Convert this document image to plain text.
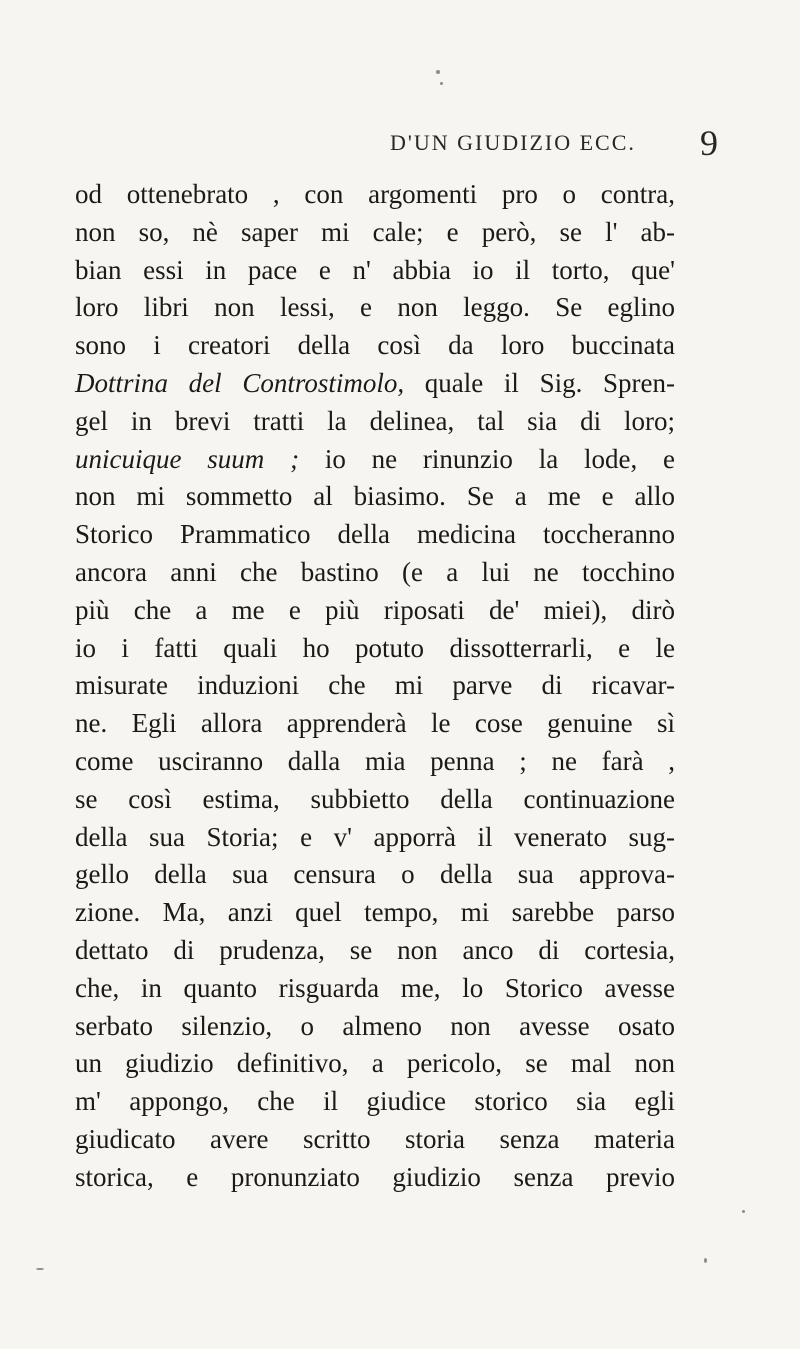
D'UN GIUDIZIO ECC. 9
od ottenebrato , con argomenti pro o contra,
non so, nè saper mi cale; e però, se l' ab-
bian essi in pace e n' abbia io il torto, que'
loro libri non lessi, e non leggo. Se eglino
sono i creatori della così da loro buccinata
Dottrina del Controstimolo, quale il Sig. Spren-
gel in brevi tratti la delinea, tal sia di loro;
unicuique suum ; io ne rinunzio la lode, e
non mi sommetto al biasimo. Se a me e allo
Storico Prammatico della medicina toccheranno
ancora anni che bastino (e a lui ne tocchino
più che a me e più riposati de' miei), dirò
io i fatti quali ho potuto dissotterrarli, e le
misurate induzioni che mi parve di ricavar-
ne. Egli allora apprenderà le cose genuine sì
come usciranno dalla mia penna ; ne farà ,
se così estima, subbietto della continuazione
della sua Storia; e v' apporrà il venerato sug-
gello della sua censura o della sua approva-
zione. Ma, anzi quel tempo, mi sarebbe parso
dettato di prudenza, se non anco di cortesia,
che, in quanto risguarda me, lo Storico avesse
serbato silenzio, o almeno non avesse osato
un giudizio definitivo, a pericolo, se mal non
m' appongo, che il giudice storico sia egli
giudicato avere scritto storia senza materia
storica, e pronunziato giudizio senza previo
